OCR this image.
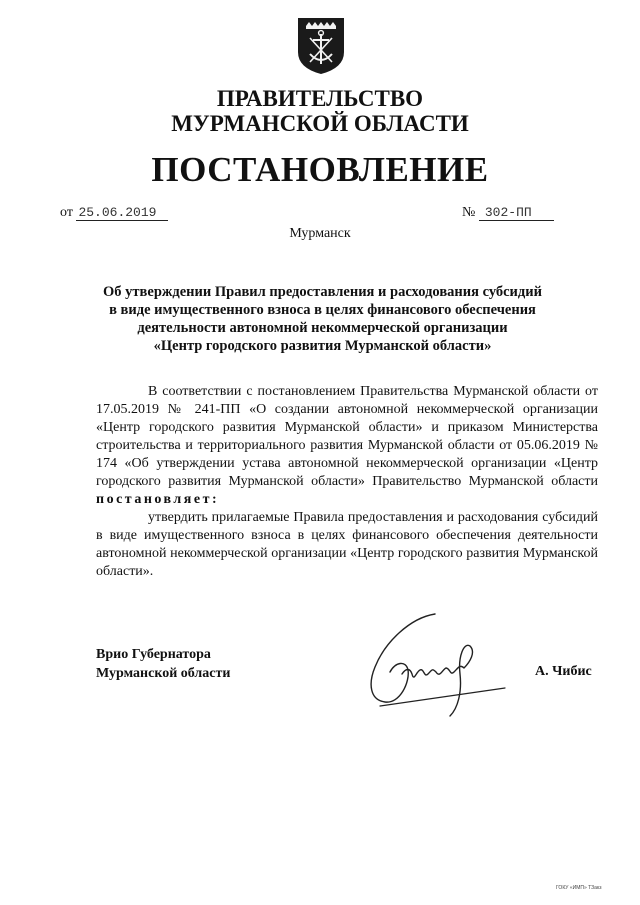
ПРАВИТЕЛЬСТВО
МУРМАНСКОЙ ОБЛАСТИ
ПОСТАНОВЛЕНИЕ
от 25.06.2019	№ 302-ПП
Мурманск
Об утверждении Правил предоставления и расходования субсидий
в виде имущественного взноса в целях финансового обеспечения
деятельности автономной некоммерческой организации
«Центр городского развития Мурманской области»

В соответствии с постановлением Правительства Мурманской области от 17.05.2019 № 241-ПП «О создании автономной некоммерческой организации «Центр городского развития Мурманской области» и приказом Министерства строительства и территориального развития Мурманской области от 05.06.2019 № 174 «Об утверждении устава автономной некоммерческой организации «Центр городского развития Мурманской области» Правительство Мурманской области постановляет:

утвердить прилагаемые Правила предоставления и расходования субсидий в виде имущественного взноса в целях финансового обеспечения деятельности автономной некоммерческой организации «Центр городского развития Мурманской области».

Врио Губернатора
Мурманской области	А. Чибис
ГОКУ «ИМП» ТЗакз
